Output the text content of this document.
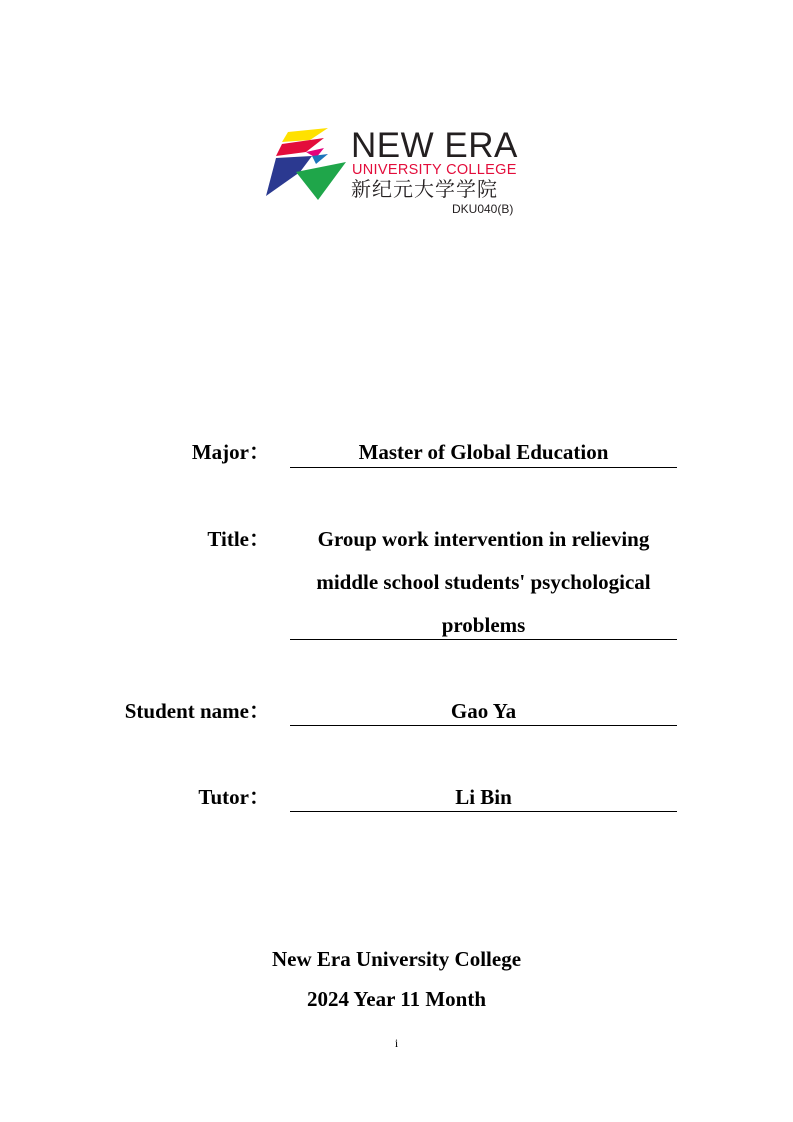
NEW ERA
UNIVERSITY COLLEGE
新纪元大学学院
DKU040(B)
Major：	Master of Global Education
Title：	Group work intervention in relieving
middle school students' psychological
problems
Student name：	Gao Ya
Tutor：	Li Bin
New Era University College
2024 Year 11 Month
i
